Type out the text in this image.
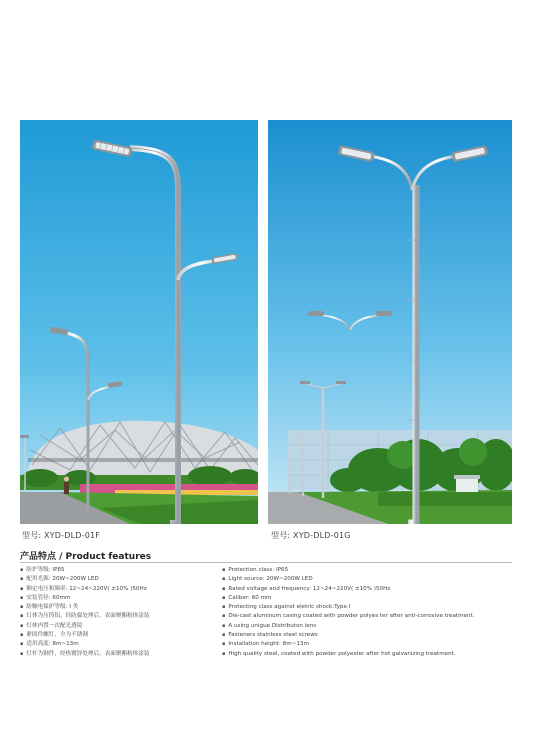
型号: XYD-DLD-01F	型号: XYD-DLD-01G
产品特点 / Product features
▪ 防护等级: IP65
▪ 配用光源: 20W~200W LED
▪ 额定电压和频率: 12~24~220V( ±10% )50Hz
▪ 安装管径: 60mm
▪ 防触电保护等级: I 类
▪ 灯体为压铸铝，经防腐处理后，表面聚酯粉体涂装
▪ 灯体内置一次配光透镜
▪ 紧固件螺钉，全为不锈钢
▪ 适用高度: 8m~13m
▪ 灯杆为钢件，经热镀锌处理后，表面聚酯粉体涂装
▪ Protection class: IP65
▪ Light source: 20W~200W LED
▪ Rated voltage and frequency: 12~24~220V( ±10% )50Hz
▪ Caliber: 60 mm
▪ Protecting class against eletric shock:Type I
▪ Die-cast aluminum casing coated with powder polyes ter after anti-corrosive treatment.
▪ A using unigue Distributon lens
▪ Fasteners stainless steel screws
▪ Installation height: 8m~13m
▪ High quality steel, coated with powder polyester after hot galvanizing treatment.
